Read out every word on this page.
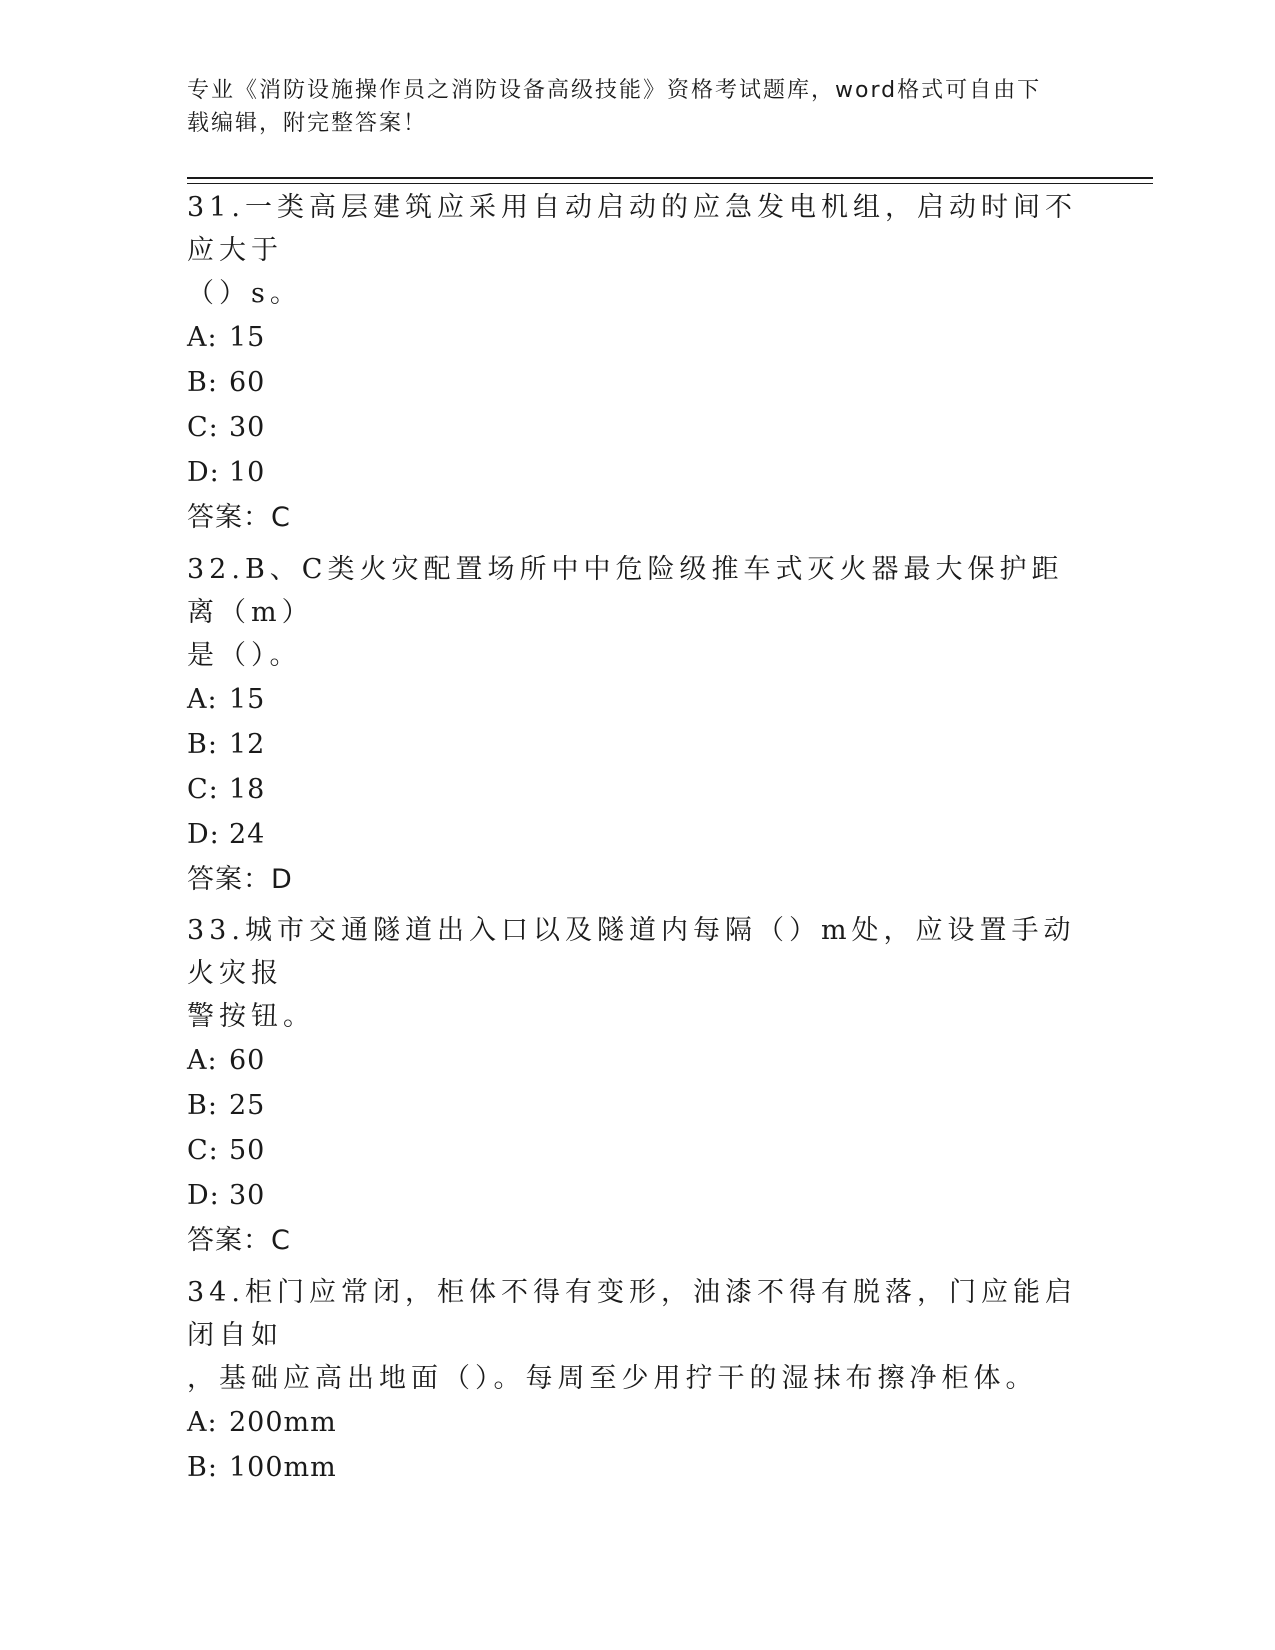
专业《消防设施操作员之消防设备高级技能》资格考试题库，word格式可自由下
载编辑，附完整答案！

31.一类高层建筑应采用自动启动的应急发电机组，启动时间不应大于

（）s。

A: 15

B: 60

C: 30

D: 10

答案：C

32.B、C类火灾配置场所中中危险级推车式灭火器最大保护距离（m）

是（）。

A: 15

B: 12

C: 18

D: 24

答案：D

33.城市交通隧道出入口以及隧道内每隔（）m处，应设置手动火灾报

警按钮。

A: 60

B: 25

C: 50

D: 30

答案：C

34.柜门应常闭，柜体不得有变形，油漆不得有脱落，门应能启闭自如

，基础应高出地面（）。每周至少用拧干的湿抹布擦净柜体。

A: 200mm

B: 100mm
